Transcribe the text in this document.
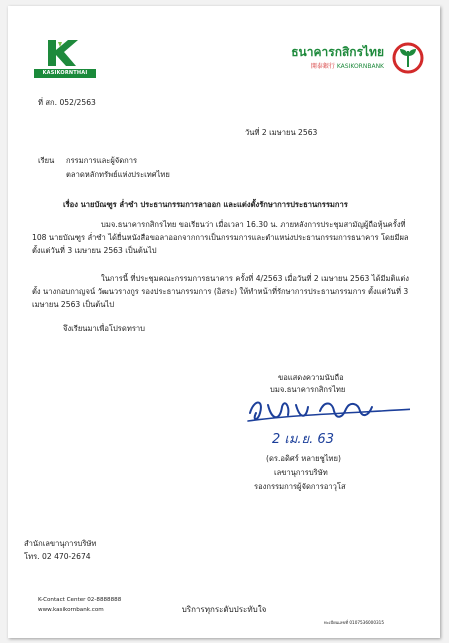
KASIKORNTHAI
ธนาคารกสิกรไทย
開泰銀行 KASIKORNBANK
ที่ สก. 052/2563
วันที่ 2 เมษายน 2563
เรียน กรรมการและผู้จัดการ
ตลาดหลักทรัพย์แห่งประเทศไทย
เรื่อง นายบัณฑูร ล่ำซำ ประธานกรรมการลาออก และแต่งตั้งรักษาการประธานกรรมการ
บมจ.ธนาคารกสิกรไทย ขอเรียนว่า เมื่อเวลา 16.30 น. ภายหลังการประชุมสามัญผู้ถือหุ้นครั้งที่ 108 นายบัณฑูร ล่ำซำ ได้ยื่นหนังสือขอลาออกจากการเป็นกรรมการและตำแหน่งประธานกรรมการธนาคาร โดยมีผลตั้งแต่วันที่ 3 เมษายน 2563 เป็นต้นไป
ในการนี้ ที่ประชุมคณะกรรมการธนาคาร ครั้งที่ 4/2563 เมื่อวันที่ 2 เมษายน 2563 ได้มีมติแต่งตั้ง นางกอบกาญจน์ วัฒนวรางกูร รองประธานกรรมการ (อิสระ) ให้ทำหน้าที่รักษาการประธานกรรมการ ตั้งแต่วันที่ 3 เมษายน 2563 เป็นต้นไป
จึงเรียนมาเพื่อโปรดทราบ
ขอแสดงความนับถือ
บมจ.ธนาคารกสิกรไทย
2 เม.ย. 63
(ดร.อดิศร์ หลายชูไทย)
เลขานุการบริษัท
รองกรรมการผู้จัดการอาวุโส
สำนักเลขานุการบริษัท
โทร. 02 470-2674
K-Contact Center 02-8888888
www.kasikornbank.com	บริการทุกระดับประทับใจ
ทะเบียนเลขที่ 0107536000315
